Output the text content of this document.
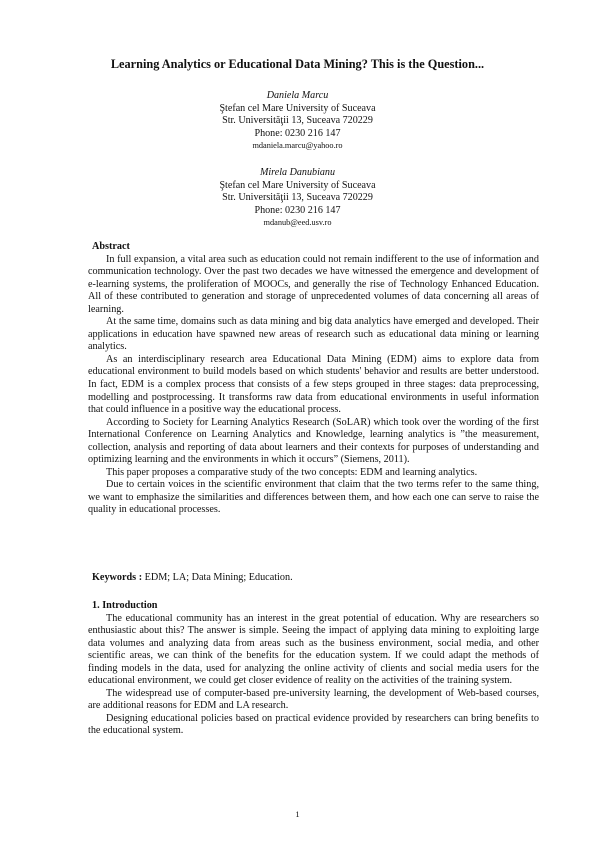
Learning Analytics or Educational Data Mining? This is the Question...
Daniela Marcu
Ştefan cel Mare University of Suceava
Str. Universităţii 13, Suceava 720229
Phone: 0230 216 147
mdaniela.marcu@yahoo.ro
Mirela Danubianu
Ştefan cel Mare University of Suceava
Str. Universităţii 13, Suceava 720229
Phone: 0230 216 147
mdanub@eed.usv.ro
Abstract

In full expansion, a vital area such as education could not remain indifferent to the use of information and communication technology. Over the past two decades we have witnessed the emergence and development of e-learning systems, the proliferation of MOOCs, and generally the rise of Technology Enhanced Education. All of these contributed to generation and storage of unprecedented volumes of data concerning all areas of learning.

At the same time, domains such as data mining and big data analytics have emerged and developed. Their applications in education have spawned new areas of research such as educational data mining or learning analytics.

As an interdisciplinary research area Educational Data Mining (EDM) aims to explore data from educational environment to build models based on which students' behavior and results are better understood. In fact, EDM is a complex process that consists of a few steps grouped in three stages: data preprocessing, modelling and postprocessing. It transforms raw data from educational environments in useful information that could influence in a positive way the educational process.

According to Society for Learning Analytics Research (SoLAR) which took over the wording of the first International Conference on Learning Analytics and Knowledge, learning analytics is ”the measurement, collection, analysis and reporting of data about learners and their contexts for purposes of understanding and optimizing learning and the environments in which it occurs” (Siemens, 2011).

This paper proposes a comparative study of the two concepts: EDM and learning analytics.

Due to certain voices in the scientific environment that claim that the two terms refer to the same thing, we want to emphasize the similarities and differences between them, and how each one can serve to raise the quality in educational processes.

Keywords : EDM; LA; Data Mining; Education.
1. Introduction

The educational community has an interest in the great potential of education. Why are researchers so enthusiastic about this? The answer is simple. Seeing the impact of applying data mining to exploiting large data volumes and analyzing data from areas such as the business environment, social media, and other scientific areas, we can think of the benefits for the education system. If we could adapt the methods of finding models in the data, used for analyzing the online activity of clients and social media users for the educational environment, we could get closer evidence of reality on the activities of the training system.

The widespread use of computer-based pre-university learning, the development of Web-based courses, are additional reasons for EDM and LA research.

Designing educational policies based on practical evidence provided by researchers can bring benefits to the educational system.

1
